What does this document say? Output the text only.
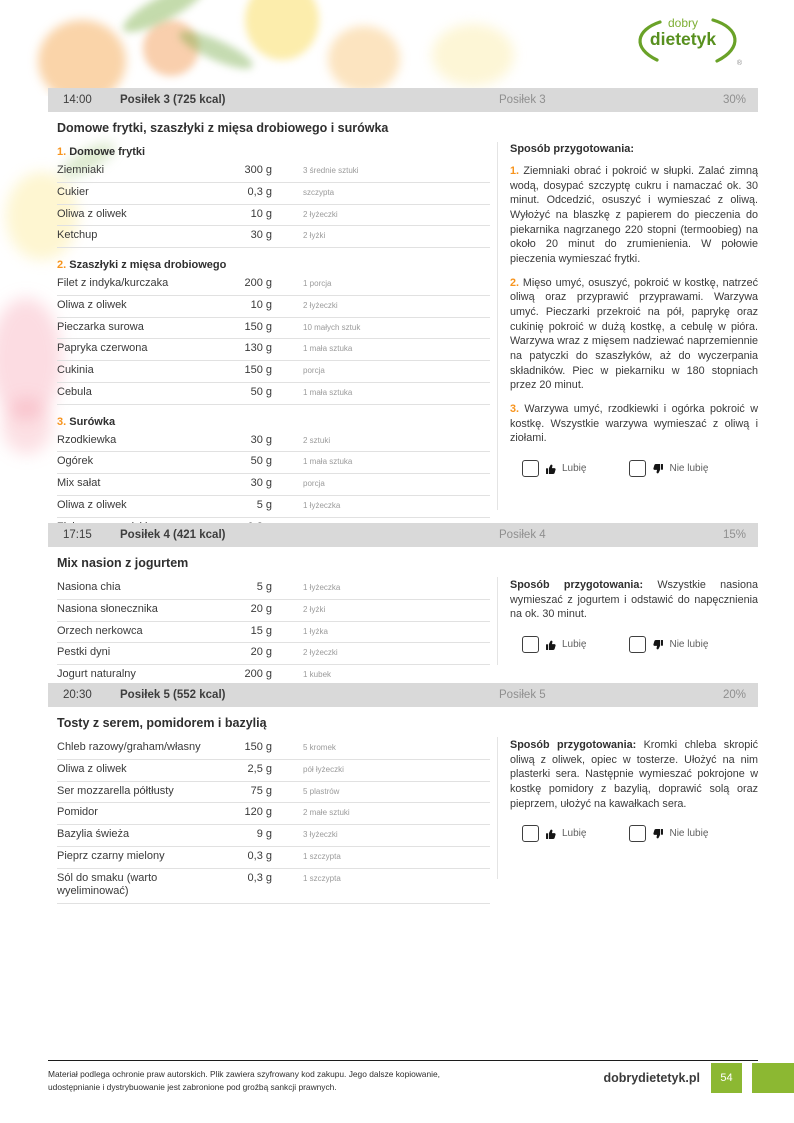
dobry
dietetyk
®
14:00 Posiłek 3 (725 kcal)	Posiłek 3	30%
Domowe frytki, szaszłyki z mięsa drobiowego i surówka
1. Domowe frytki
Ziemniaki	300 g	3 średnie sztuki
Cukier	0,3 g	szczypta
Oliwa z oliwek	10 g	2 łyżeczki
Ketchup	30 g	2 łyżki
2. Szaszłyki z mięsa drobiowego
Filet z indyka/kurczaka	200 g	1 porcja
Oliwa z oliwek	10 g	2 łyżeczki
Pieczarka surowa	150 g	10 małych sztuk
Papryka czerwona	130 g	1 mała sztuka
Cukinia	150 g	porcja
Cebula	50 g	1 mała sztuka
3. Surówka
Rzodkiewka	30 g	2 sztuki
Ogórek	50 g	1 mała sztuka
Mix sałat	30 g	porcja
Oliwa z oliwek	5 g	1 łyżeczka
Sposób przygotowania:

1. Ziemniaki obrać i pokroić w słupki. Zalać zimną wodą, dosypać szczyptę cukru i namaczać ok. 30 minut. Odcedzić, osuszyć i wymieszać z oliwą. Wyłożyć na blaszkę z papierem do pieczenia do piekarnika nagrzanego 220 stopni (termoobieg) na około 20 minut do zrumienienia. W połowie pieczenia wymieszać frytki.

2. Mięso umyć, osuszyć, pokroić w kostkę, natrzeć oliwą oraz przyprawić przyprawami. Warzywa umyć. Pieczarki przekroić na pół, paprykę oraz cukinię pokroić w dużą kostkę, a cebulę w pióra. Warzywa wraz z mięsem nadziewać naprzemiennie na patyczki do szaszłyków, aż do wyczerpania składników. Piec w piekarniku w 180 stopniach przez 20 minut.

3. Warzywa umyć, rzodkiewki i ogórka pokroić w kostkę. Wszystkie warzywa wymieszać z oliwą i ziołami.

Lubię	Nie lubię
17:15 Posiłek 4 (421 kcal)	Posiłek 4	15%
Mix nasion z jogurtem
Nasiona chia	5 g	1 łyżeczka
Nasiona słonecznika	20 g	2 łyżki
Orzech nerkowca	15 g	1 łyżka
Pestki dyni	20 g	2 łyżeczki
Jogurt naturalny	200 g	1 kubek

Sposób przygotowania: Wszystkie nasiona wymieszać z jogurtem i odstawić do napęcznienia na ok. 30 minut.

Lubię	Nie lubię
20:30 Posiłek 5 (552 kcal)	Posiłek 5	20%
Tosty z serem, pomidorem i bazylią
Chleb razowy/graham/własny	150 g	5 kromek
Oliwa z oliwek	2,5 g	pół łyżeczki
Ser mozzarella półtłusty	75 g	5 plastrów
Pomidor	120 g	2 małe sztuki
Bazylia świeża	9 g	3 łyżeczki
Pieprz czarny mielony	0,3 g	1 szczypta
Sól do smaku (warto wyeliminować)
0,3 g	1 szczypta

Sposób przygotowania: Kromki chleba skropić oliwą z oliwek, opiec w tosterze. Ułożyć na nim plasterki sera. Następnie wymieszać pokrojone w kostkę pomidory z bazylią, doprawić solą oraz pieprzem, ułożyć na kawałkach sera.

Lubię	Nie lubię

Materiał podlega ochronie praw autorskich. Plik zawiera szyfrowany kod zakupu. Jego dalsze kopiowanie, udostępnianie i dystrybuowanie jest zabronione pod groźbą sankcji prawnych.

dobrydietetyk.pl	54
